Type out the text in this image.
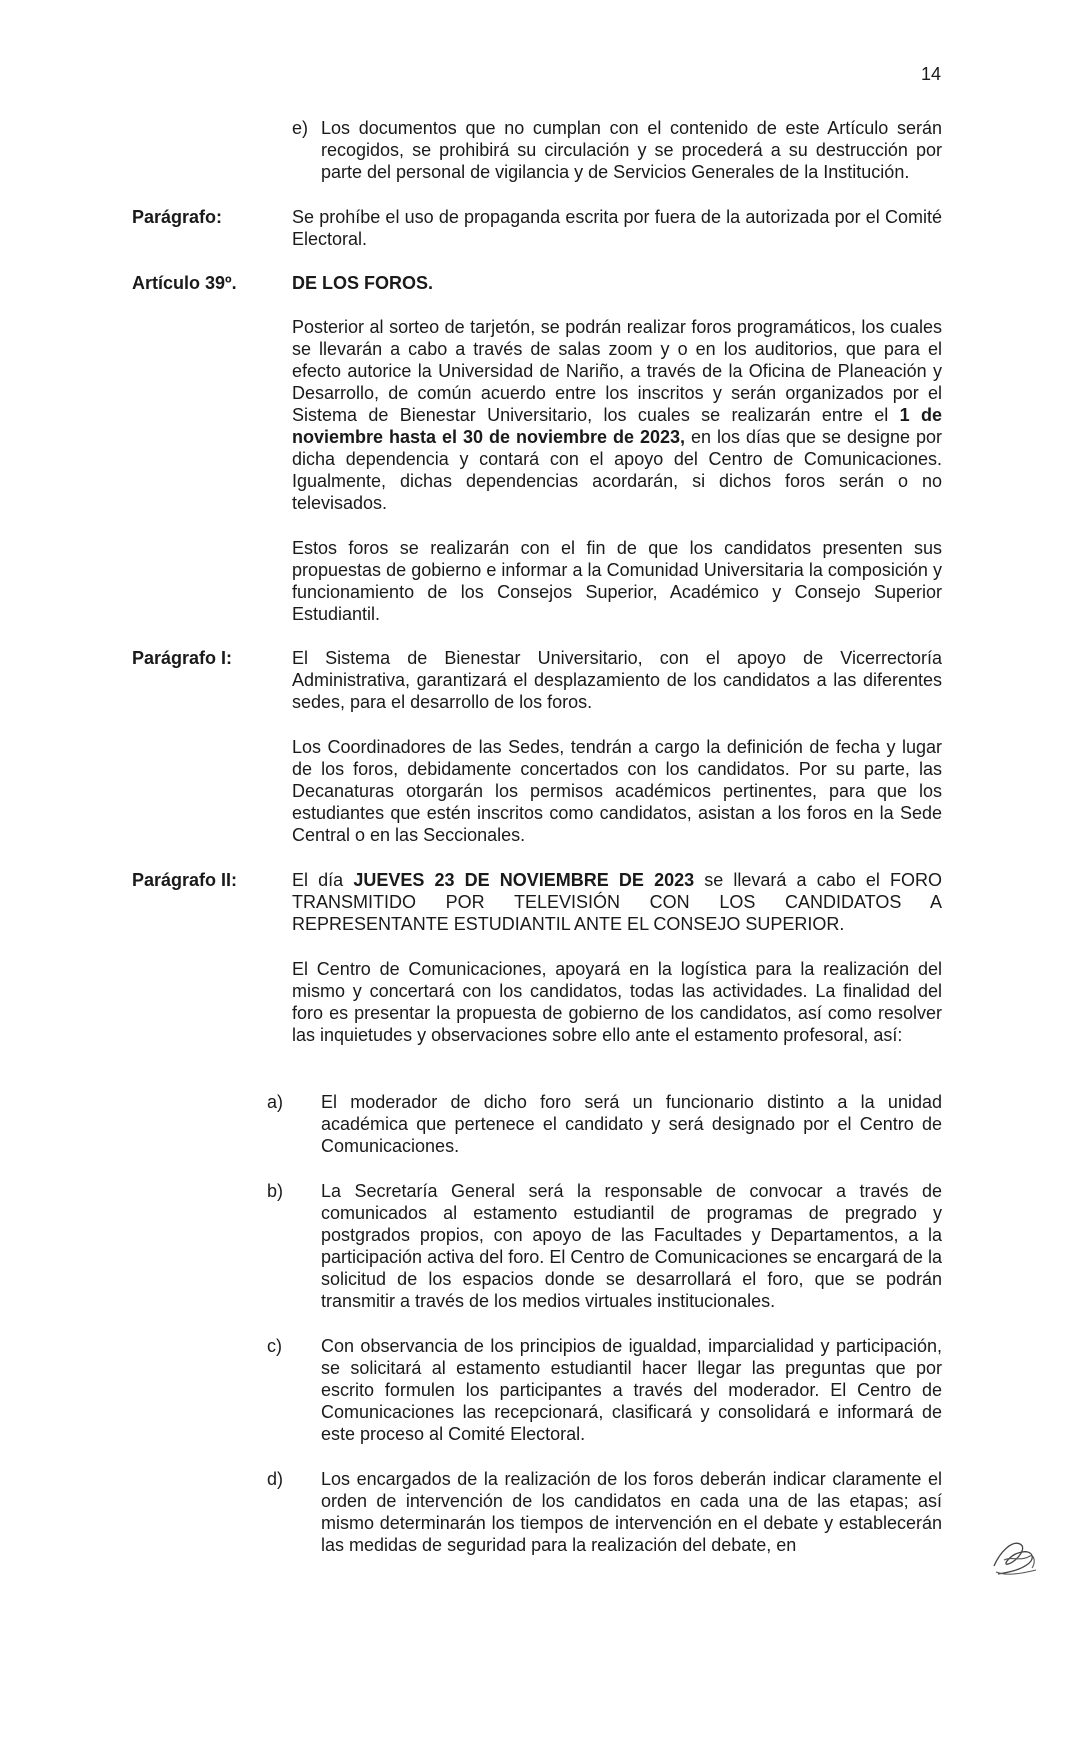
14
e) Los documentos que no cumplan con el contenido de este Artículo serán recogidos, se prohibirá su circulación y se procederá a su destrucción por parte del personal de vigilancia y de Servicios Generales de la Institución.
Parágrafo:	Se prohíbe el uso de propaganda escrita por fuera de la autorizada por el Comité Electoral.
Artículo 39º.	DE LOS FOROS.
Posterior al sorteo de tarjetón, se podrán realizar foros programáticos, los cuales se llevarán a cabo a través de salas zoom y o en los auditorios, que para el efecto autorice la Universidad de Nariño, a través de la Oficina de Planeación y Desarrollo, de común acuerdo entre los inscritos y serán organizados por el Sistema de Bienestar Universitario, los cuales se realizarán entre el 1 de noviembre hasta el 30 de noviembre de 2023, en los días que se designe por dicha dependencia y contará con el apoyo del Centro de Comunicaciones. Igualmente, dichas dependencias acordarán, si dichos foros serán o no televisados.
Estos foros se realizarán con el fin de que los candidatos presenten sus propuestas de gobierno e informar a la Comunidad Universitaria la composición y funcionamiento de los Consejos Superior, Académico y Consejo Superior Estudiantil.
Parágrafo I:	El Sistema de Bienestar Universitario, con el apoyo de Vicerrectoría Administrativa, garantizará el desplazamiento de los candidatos a las diferentes sedes, para el desarrollo de los foros.
Los Coordinadores de las Sedes, tendrán a cargo la definición de fecha y lugar de los foros, debidamente concertados con los candidatos. Por su parte, las Decanaturas otorgarán los permisos académicos pertinentes, para que los estudiantes que estén inscritos como candidatos, asistan a los foros en la Sede Central o en las Seccionales.
Parágrafo II:	El día JUEVES 23 DE NOVIEMBRE DE 2023 se llevará a cabo el FORO TRANSMITIDO POR TELEVISIÓN CON LOS CANDIDATOS A REPRESENTANTE ESTUDIANTIL ANTE EL CONSEJO SUPERIOR.
El Centro de Comunicaciones, apoyará en la logística para la realización del mismo y concertará con los candidatos, todas las actividades. La finalidad del foro es presentar la propuesta de gobierno de los candidatos, así como resolver las inquietudes y observaciones sobre ello ante el estamento profesoral, así:
a) El moderador de dicho foro será un funcionario distinto a la unidad académica que pertenece el candidato y será designado por el Centro de Comunicaciones.
b) La Secretaría General será la responsable de convocar a través de comunicados al estamento estudiantil de programas de pregrado y postgrados propios, con apoyo de las Facultades y Departamentos, a la participación activa del foro. El Centro de Comunicaciones se encargará de la solicitud de los espacios donde se desarrollará el foro, que se podrán transmitir a través de los medios virtuales institucionales.
c) Con observancia de los principios de igualdad, imparcialidad y participación, se solicitará al estamento estudiantil hacer llegar las preguntas que por escrito formulen los participantes a través del moderador. El Centro de Comunicaciones las recepcionará, clasificará y consolidará e informará de este proceso al Comité Electoral.
d) Los encargados de la realización de los foros deberán indicar claramente el orden de intervención de los candidatos en cada una de las etapas; así mismo determinarán los tiempos de intervención en el debate y establecerán las medidas de seguridad para la realización del debate, en
